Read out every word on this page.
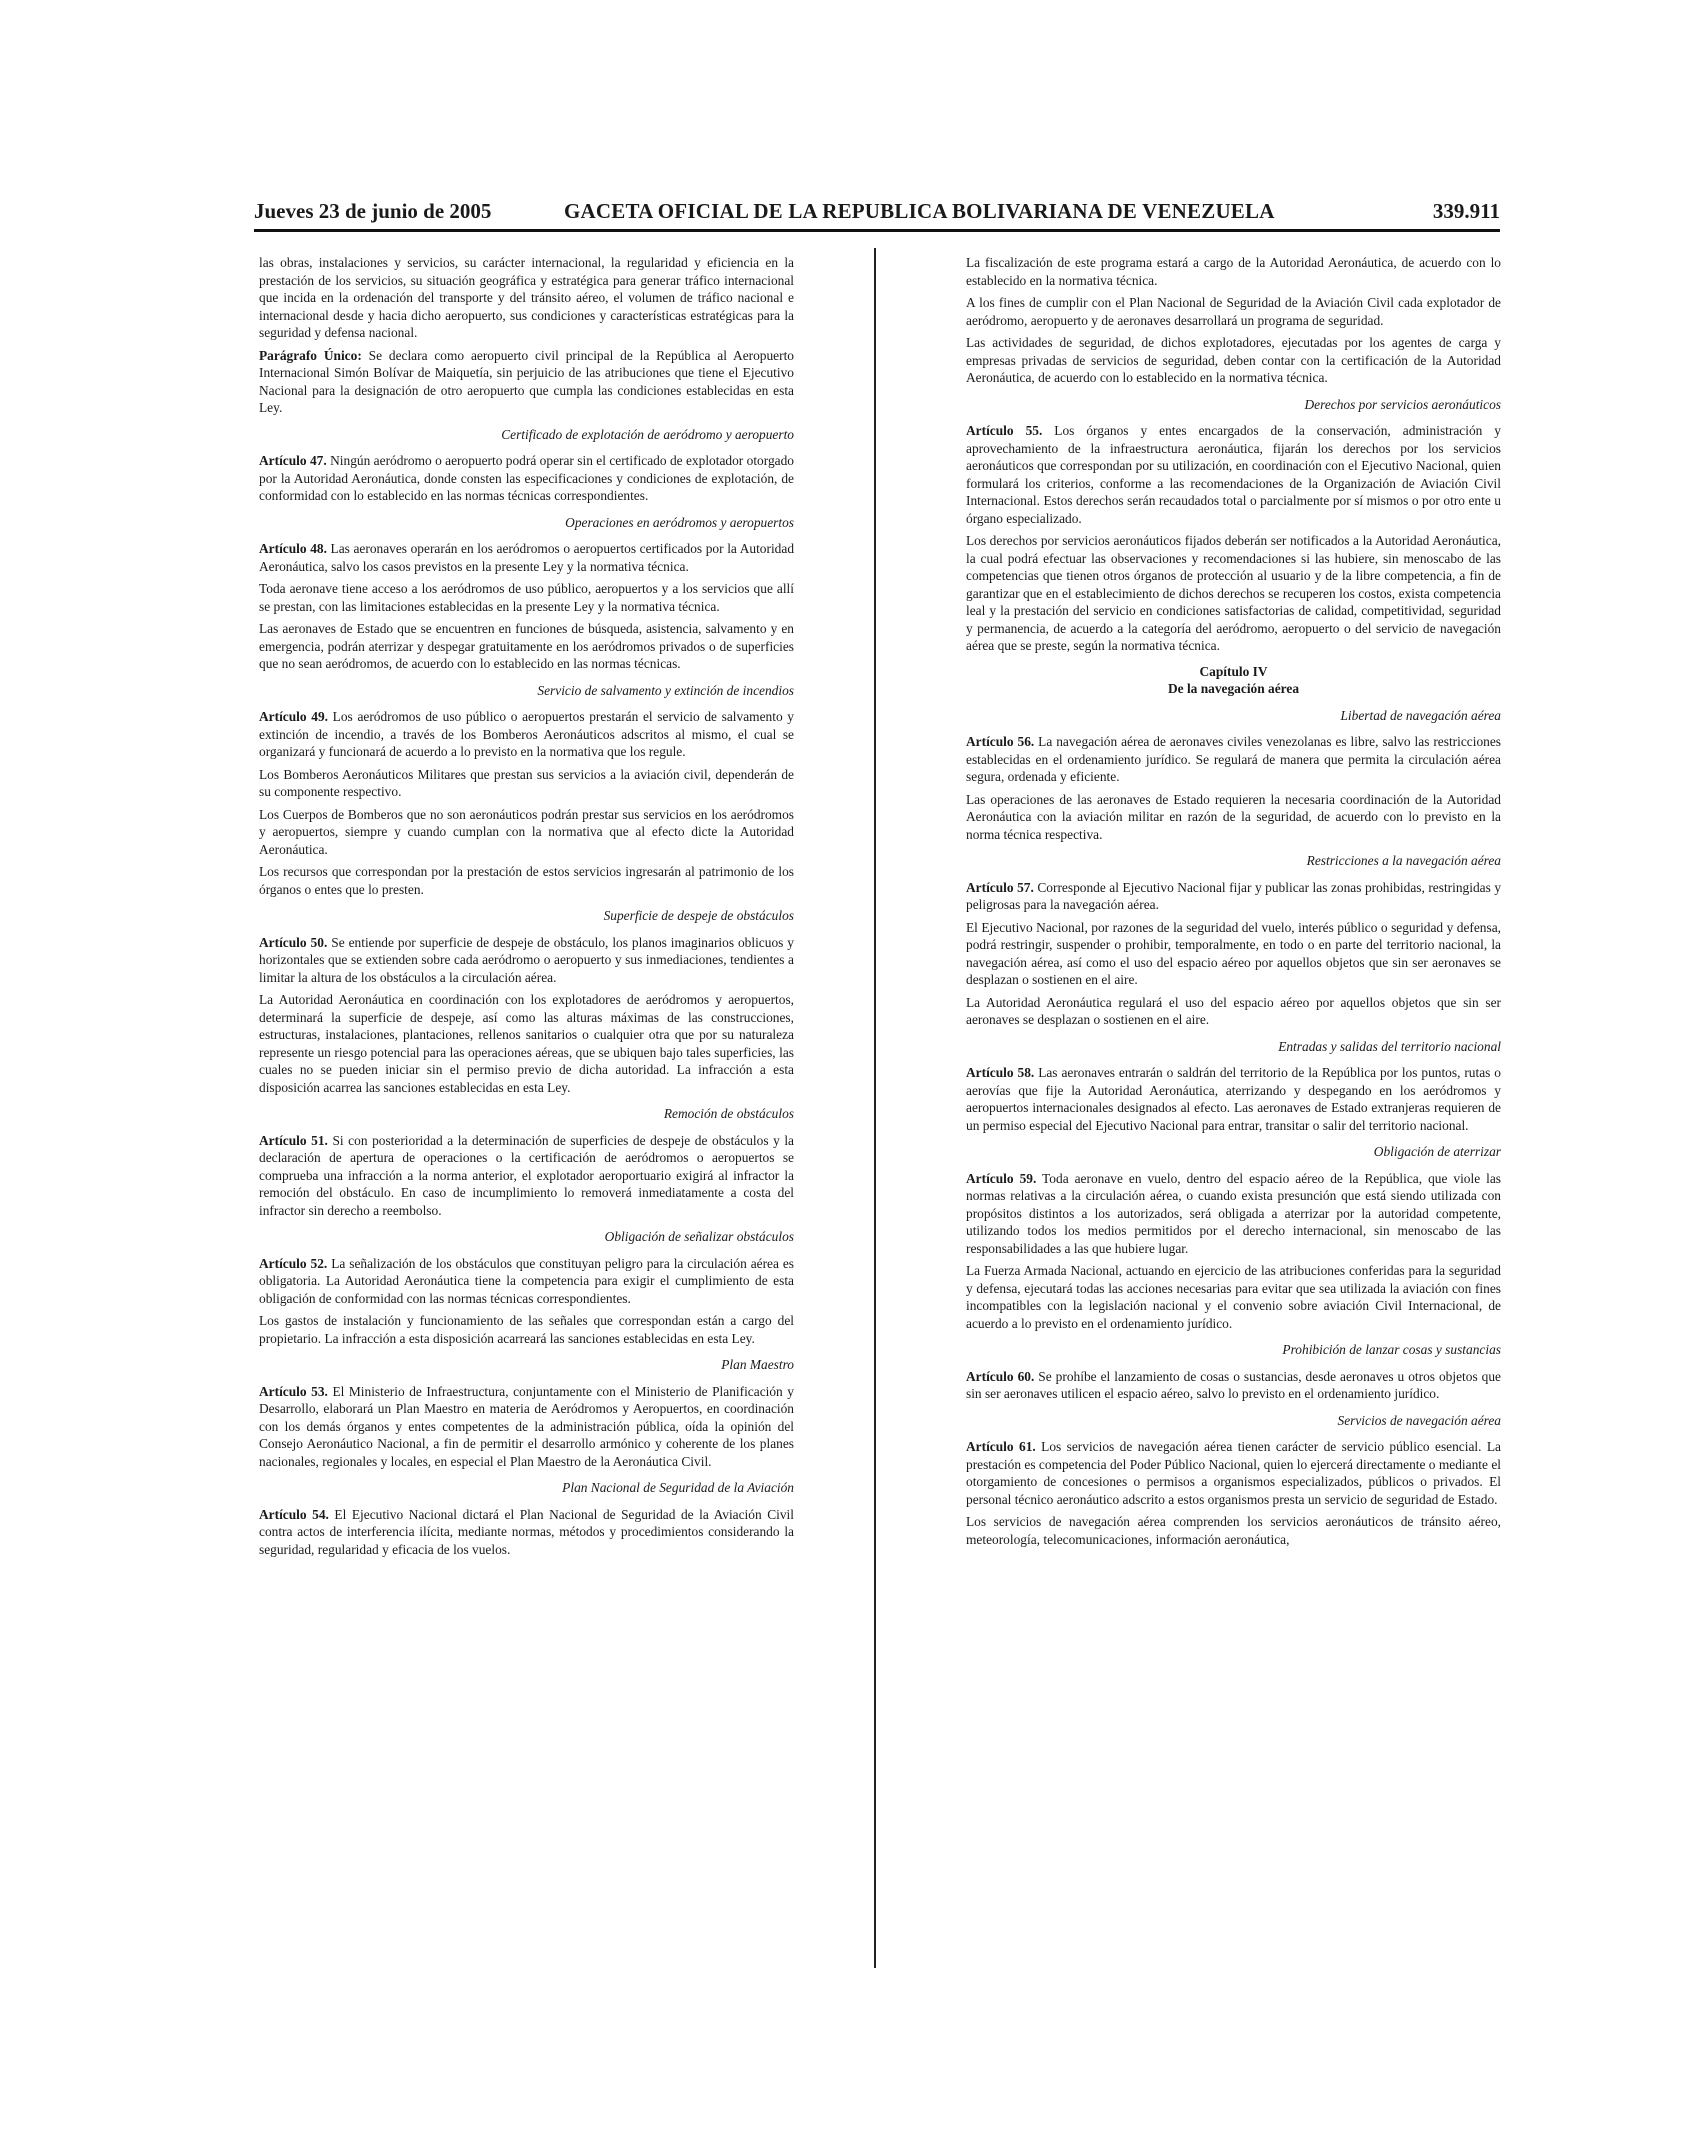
Jueves 23 de junio de 2005	GACETA OFICIAL DE LA REPUBLICA BOLIVARIANA DE VENEZUELA	339.911
las obras, instalaciones y servicios, su carácter internacional, la regularidad y eficiencia en la prestación de los servicios, su situación geográfica y estratégica para generar tráfico internacional que incida en la ordenación del transporte y del tránsito aéreo, el volumen de tráfico nacional e internacional desde y hacia dicho aeropuerto, sus condiciones y características estratégicas para la seguridad y defensa nacional.
Parágrafo Único: Se declara como aeropuerto civil principal de la República al Aeropuerto Internacional Simón Bolívar de Maiquetía, sin perjuicio de las atribuciones que tiene el Ejecutivo Nacional para la designación de otro aeropuerto que cumpla las condiciones establecidas en esta Ley.
Certificado de explotación de aeródromo y aeropuerto
Artículo 47. Ningún aeródromo o aeropuerto podrá operar sin el certificado de explotador otorgado por la Autoridad Aeronáutica, donde consten las especificaciones y condiciones de explotación, de conformidad con lo establecido en las normas técnicas correspondientes.
Operaciones en aeródromos y aeropuertos
Artículo 48. Las aeronaves operarán en los aeródromos o aeropuertos certificados por la Autoridad Aeronáutica, salvo los casos previstos en la presente Ley y la normativa técnica.
Toda aeronave tiene acceso a los aeródromos de uso público, aeropuertos y a los servicios que allí se prestan, con las limitaciones establecidas en la presente Ley y la normativa técnica.
Las aeronaves de Estado que se encuentren en funciones de búsqueda, asistencia, salvamento y en emergencia, podrán aterrizar y despegar gratuitamente en los aeródromos privados o de superficies que no sean aeródromos, de acuerdo con lo establecido en las normas técnicas.
Servicio de salvamento y extinción de incendios
Artículo 49. Los aeródromos de uso público o aeropuertos prestarán el servicio de salvamento y extinción de incendio, a través de los Bomberos Aeronáuticos adscritos al mismo, el cual se organizará y funcionará de acuerdo a lo previsto en la normativa que los regule.
Los Bomberos Aeronáuticos Militares que prestan sus servicios a la aviación civil, dependerán de su componente respectivo.
Los Cuerpos de Bomberos que no son aeronáuticos podrán prestar sus servicios en los aeródromos y aeropuertos, siempre y cuando cumplan con la normativa que al efecto dicte la Autoridad Aeronáutica.
Los recursos que correspondan por la prestación de estos servicios ingresarán al patrimonio de los órganos o entes que lo presten.
Superficie de despeje de obstáculos
Artículo 50. Se entiende por superficie de despeje de obstáculo, los planos imaginarios oblicuos y horizontales que se extienden sobre cada aeródromo o aeropuerto y sus inmediaciones, tendientes a limitar la altura de los obstáculos a la circulación aérea.
La Autoridad Aeronáutica en coordinación con los explotadores de aeródromos y aeropuertos, determinará la superficie de despeje, así como las alturas máximas de las construcciones, estructuras, instalaciones, plantaciones, rellenos sanitarios o cualquier otra que por su naturaleza represente un riesgo potencial para las operaciones aéreas, que se ubiquen bajo tales superficies, las cuales no se pueden iniciar sin el permiso previo de dicha autoridad. La infracción a esta disposición acarrea las sanciones establecidas en esta Ley.
Remoción de obstáculos
Artículo 51. Si con posterioridad a la determinación de superficies de despeje de obstáculos y la declaración de apertura de operaciones o la certificación de aeródromos o aeropuertos se comprueba una infracción a la norma anterior, el explotador aeroportuario exigirá al infractor la remoción del obstáculo. En caso de incumplimiento lo removerá inmediatamente a costa del infractor sin derecho a reembolso.
Obligación de señalizar obstáculos
Artículo 52. La señalización de los obstáculos que constituyan peligro para la circulación aérea es obligatoria. La Autoridad Aeronáutica tiene la competencia para exigir el cumplimiento de esta obligación de conformidad con las normas técnicas correspondientes.
Los gastos de instalación y funcionamiento de las señales que correspondan están a cargo del propietario. La infracción a esta disposición acarreará las sanciones establecidas en esta Ley.
Plan Maestro
Artículo 53. El Ministerio de Infraestructura, conjuntamente con el Ministerio de Planificación y Desarrollo, elaborará un Plan Maestro en materia de Aeródromos y Aeropuertos, en coordinación con los demás órganos y entes competentes de la administración pública, oída la opinión del Consejo Aeronáutico Nacional, a fin de permitir el desarrollo armónico y coherente de los planes nacionales, regionales y locales, en especial el Plan Maestro de la Aeronáutica Civil.
Plan Nacional de Seguridad de la Aviación
Artículo 54. El Ejecutivo Nacional dictará el Plan Nacional de Seguridad de la Aviación Civil contra actos de interferencia ilícita, mediante normas, métodos y procedimientos considerando la seguridad, regularidad y eficacia de los vuelos.
La fiscalización de este programa estará a cargo de la Autoridad Aeronáutica, de acuerdo con lo establecido en la normativa técnica.
A los fines de cumplir con el Plan Nacional de Seguridad de la Aviación Civil cada explotador de aeródromo, aeropuerto y de aeronaves desarrollará un programa de seguridad.
Las actividades de seguridad, de dichos explotadores, ejecutadas por los agentes de carga y empresas privadas de servicios de seguridad, deben contar con la certificación de la Autoridad Aeronáutica, de acuerdo con lo establecido en la normativa técnica.
Derechos por servicios aeronáuticos
Artículo 55. Los órganos y entes encargados de la conservación, administración y aprovechamiento de la infraestructura aeronáutica, fijarán los derechos por los servicios aeronáuticos que correspondan por su utilización, en coordinación con el Ejecutivo Nacional, quien formulará los criterios, conforme a las recomendaciones de la Organización de Aviación Civil Internacional. Estos derechos serán recaudados total o parcialmente por sí mismos o por otro ente u órgano especializado.
Los derechos por servicios aeronáuticos fijados deberán ser notificados a la Autoridad Aeronáutica, la cual podrá efectuar las observaciones y recomendaciones si las hubiere, sin menoscabo de las competencias que tienen otros órganos de protección al usuario y de la libre competencia, a fin de garantizar que en el establecimiento de dichos derechos se recuperen los costos, exista competencia leal y la prestación del servicio en condiciones satisfactorias de calidad, competitividad, seguridad y permanencia, de acuerdo a la categoría del aeródromo, aeropuerto o del servicio de navegación aérea que se preste, según la normativa técnica.
Capítulo IV
De la navegación aérea
Libertad de navegación aérea
Artículo 56. La navegación aérea de aeronaves civiles venezolanas es libre, salvo las restricciones establecidas en el ordenamiento jurídico. Se regulará de manera que permita la circulación aérea segura, ordenada y eficiente.
Las operaciones de las aeronaves de Estado requieren la necesaria coordinación de la Autoridad Aeronáutica con la aviación militar en razón de la seguridad, de acuerdo con lo previsto en la norma técnica respectiva.
Restricciones a la navegación aérea
Artículo 57. Corresponde al Ejecutivo Nacional fijar y publicar las zonas prohibidas, restringidas y peligrosas para la navegación aérea.
El Ejecutivo Nacional, por razones de la seguridad del vuelo, interés público o seguridad y defensa, podrá restringir, suspender o prohibir, temporalmente, en todo o en parte del territorio nacional, la navegación aérea, así como el uso del espacio aéreo por aquellos objetos que sin ser aeronaves se desplazan o sostienen en el aire.
La Autoridad Aeronáutica regulará el uso del espacio aéreo por aquellos objetos que sin ser aeronaves se desplazan o sostienen en el aire.
Entradas y salidas del territorio nacional
Artículo 58. Las aeronaves entrarán o saldrán del territorio de la República por los puntos, rutas o aerovías que fije la Autoridad Aeronáutica, aterrizando y despegando en los aeródromos y aeropuertos internacionales designados al efecto. Las aeronaves de Estado extranjeras requieren de un permiso especial del Ejecutivo Nacional para entrar, transitar o salir del territorio nacional.
Obligación de aterrizar
Artículo 59. Toda aeronave en vuelo, dentro del espacio aéreo de la República, que viole las normas relativas a la circulación aérea, o cuando exista presunción que está siendo utilizada con propósitos distintos a los autorizados, será obligada a aterrizar por la autoridad competente, utilizando todos los medios permitidos por el derecho internacional, sin menoscabo de las responsabilidades a las que hubiere lugar.
La Fuerza Armada Nacional, actuando en ejercicio de las atribuciones conferidas para la seguridad y defensa, ejecutará todas las acciones necesarias para evitar que sea utilizada la aviación con fines incompatibles con la legislación nacional y el convenio sobre aviación Civil Internacional, de acuerdo a lo previsto en el ordenamiento jurídico.
Prohibición de lanzar cosas y sustancias
Artículo 60. Se prohíbe el lanzamiento de cosas o sustancias, desde aeronaves u otros objetos que sin ser aeronaves utilicen el espacio aéreo, salvo lo previsto en el ordenamiento jurídico.
Servicios de navegación aérea
Artículo 61. Los servicios de navegación aérea tienen carácter de servicio público esencial. La prestación es competencia del Poder Público Nacional, quien lo ejercerá directamente o mediante el otorgamiento de concesiones o permisos a organismos especializados, públicos o privados. El personal técnico aeronáutico adscrito a estos organismos presta un servicio de seguridad de Estado.
Los servicios de navegación aérea comprenden los servicios aeronáuticos de tránsito aéreo, meteorología, telecomunicaciones, información aeronáutica,
